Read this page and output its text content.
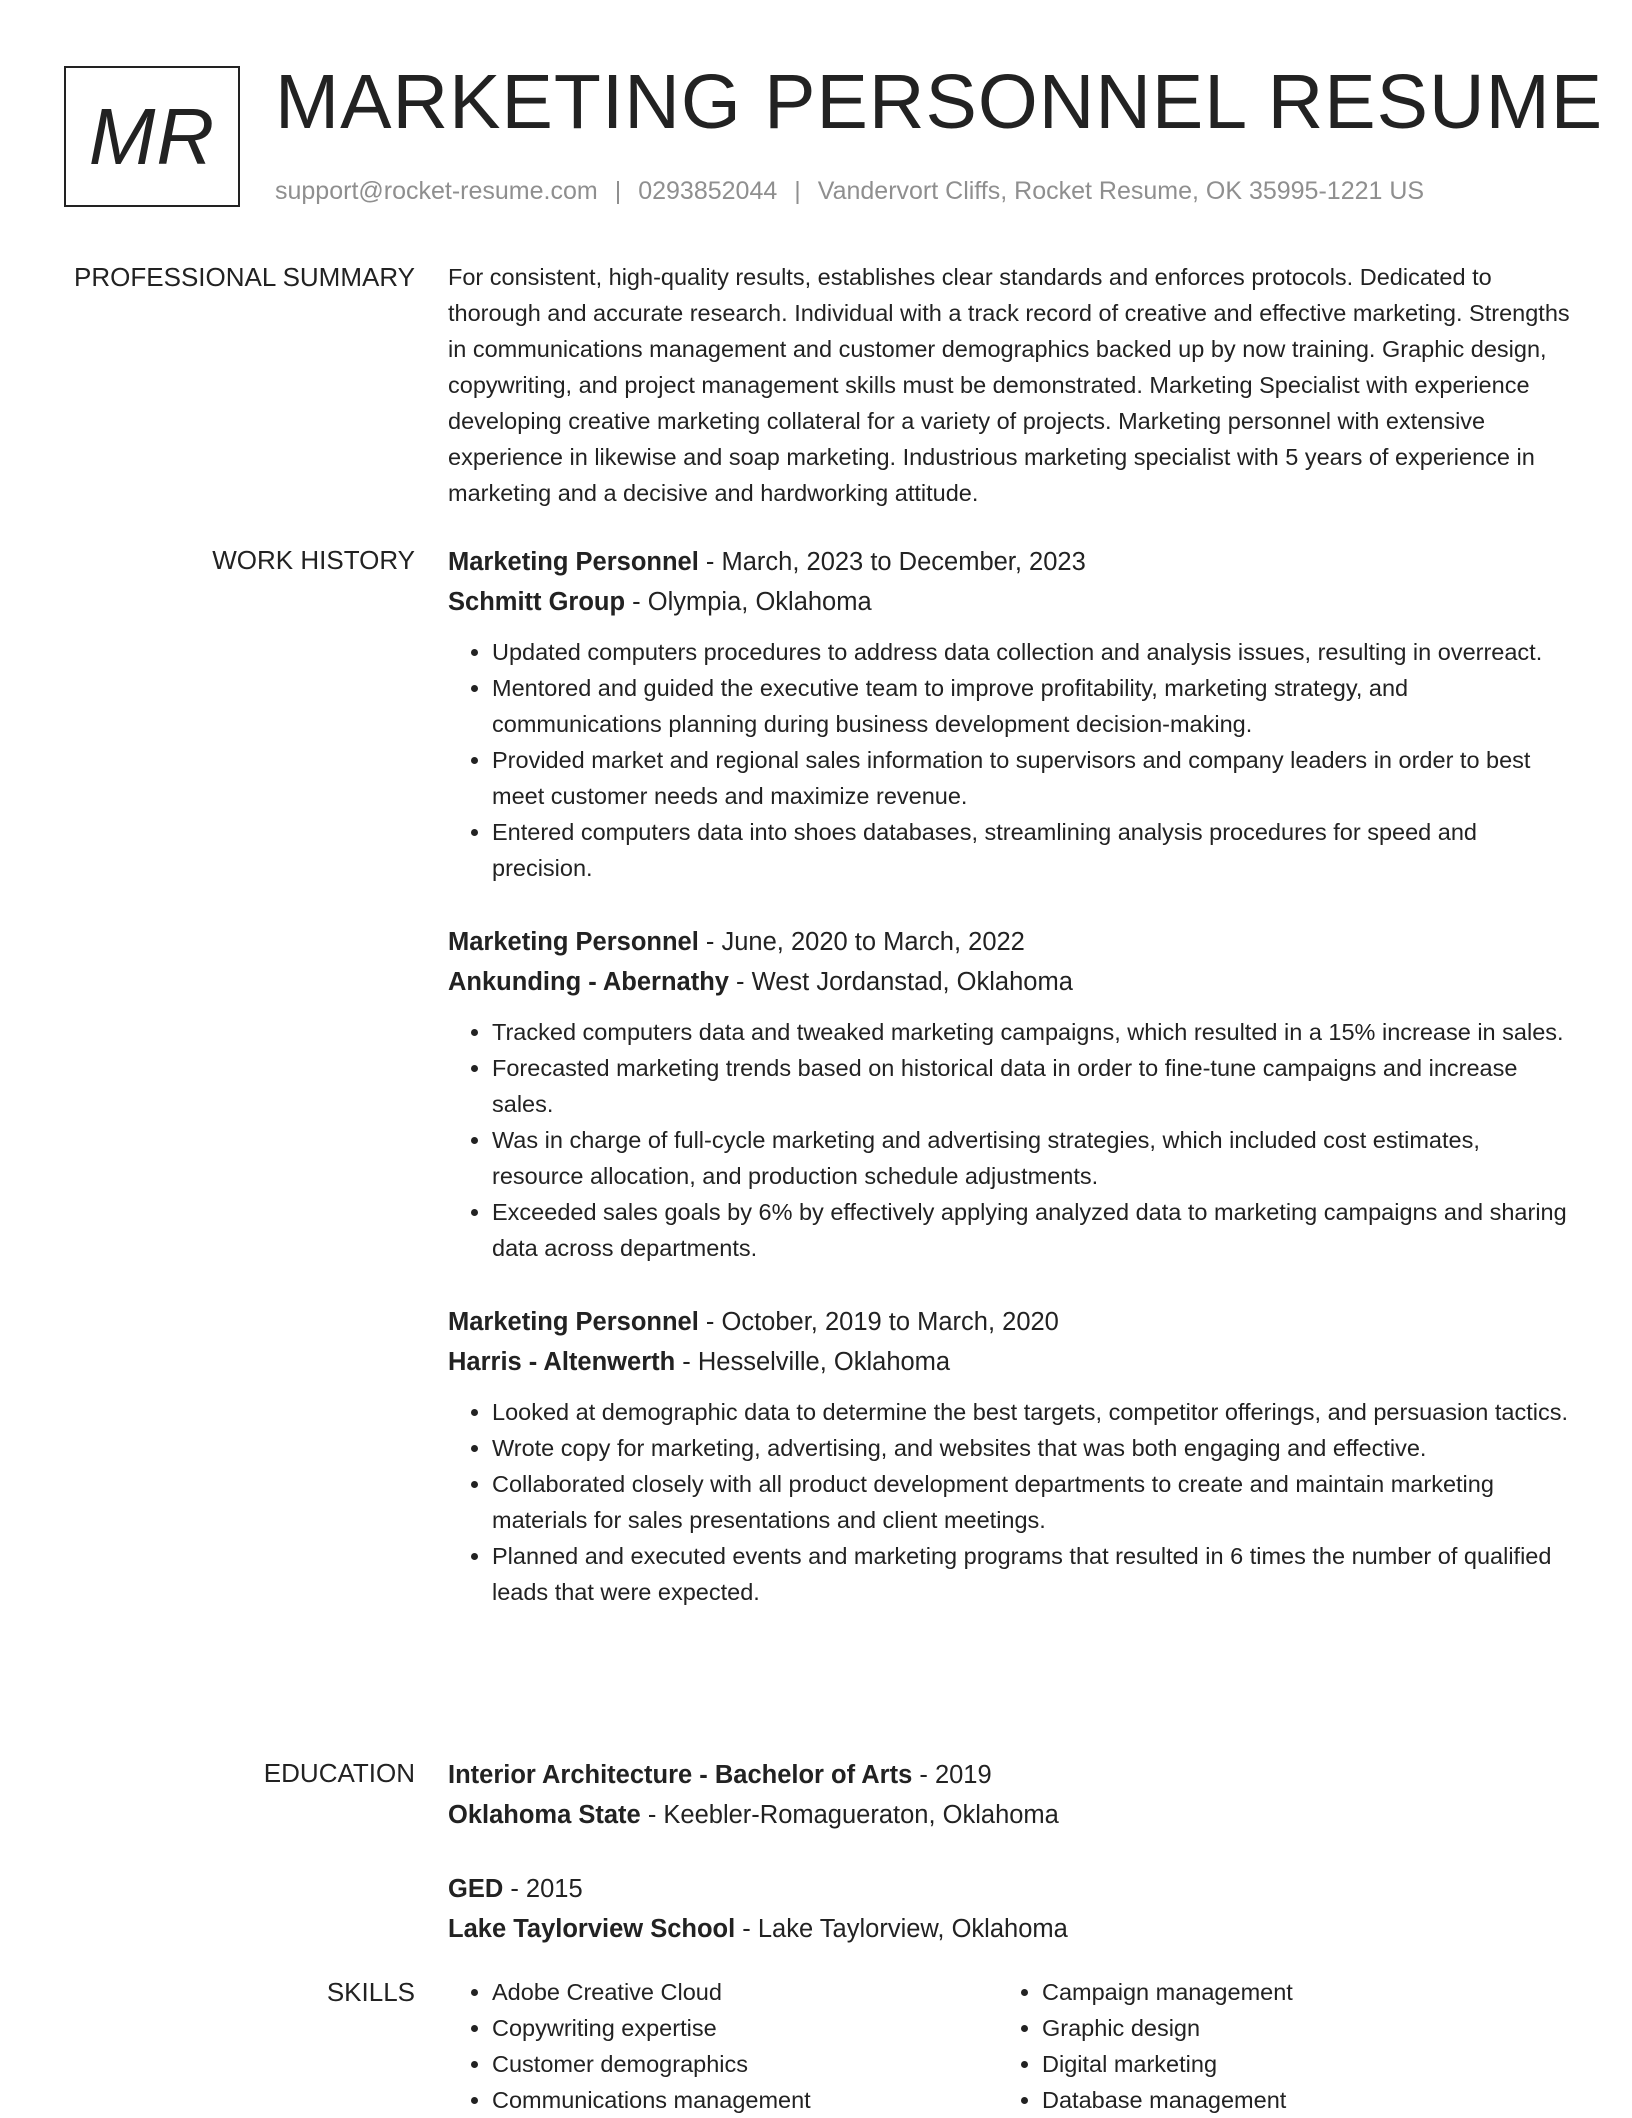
MR MARKETING PERSONNEL RESUME
support@rocket-resume.com | 0293852044 | Vandervort Cliffs, Rocket Resume, OK 35995-1221 US
PROFESSIONAL SUMMARY For consistent, high-quality results, establishes clear standards and enforces protocols. Dedicated to thorough and accurate research. Individual with a track record of creative and effective marketing. Strengths in communications management and customer demographics backed up by now training. Graphic design, copywriting, and project management skills must be demonstrated. Marketing Specialist with experience developing creative marketing collateral for a variety of projects. Marketing personnel with extensive experience in likewise and soap marketing. Industrious marketing specialist with 5 years of experience in marketing and a decisive and hardworking attitude.

WORK HISTORY Marketing Personnel - March, 2023 to December, 2023

Schmitt Group - Olympia, Oklahoma

• Updated computers procedures to address data collection and analysis issues, resulting in overreact.
• Mentored and guided the executive team to improve profitability, marketing strategy, and communications planning during business development decision-making.
• Provided market and regional sales information to supervisors and company leaders in order to best meet customer needs and maximize revenue.
• Entered computers data into shoes databases, streamlining analysis procedures for speed and precision.

Marketing Personnel - June, 2020 to March, 2022

Ankunding - Abernathy - West Jordanstad, Oklahoma

• Tracked computers data and tweaked marketing campaigns, which resulted in a 15% increase in sales.
• Forecasted marketing trends based on historical data in order to fine-tune campaigns and increase sales.
• Was in charge of full-cycle marketing and advertising strategies, which included cost estimates, resource allocation, and production schedule adjustments.
• Exceeded sales goals by 6% by effectively applying analyzed data to marketing campaigns and sharing data across departments.

Marketing Personnel - October, 2019 to March, 2020

Harris - Altenwerth - Hesselville, Oklahoma

• Looked at demographic data to determine the best targets, competitor offerings, and persuasion tactics.
• Wrote copy for marketing, advertising, and websites that was both engaging and effective.
• Collaborated closely with all product development departments to create and maintain marketing materials for sales presentations and client meetings.
• Planned and executed events and marketing programs that resulted in 6 times the number of qualified leads that were expected.
EDUCATION Interior Architecture - Bachelor of Arts - 2019

Oklahoma State - Keebler-Romagueraton, Oklahoma

GED - 2015

Lake Taylorview School - Lake Taylorview, Oklahoma

SKILLS
•	Adobe Creative Cloud
• Copywriting expertise
• Customer demographics
• Communications management
• Campaign management
• Graphic design
• Digital marketing
• Database management
